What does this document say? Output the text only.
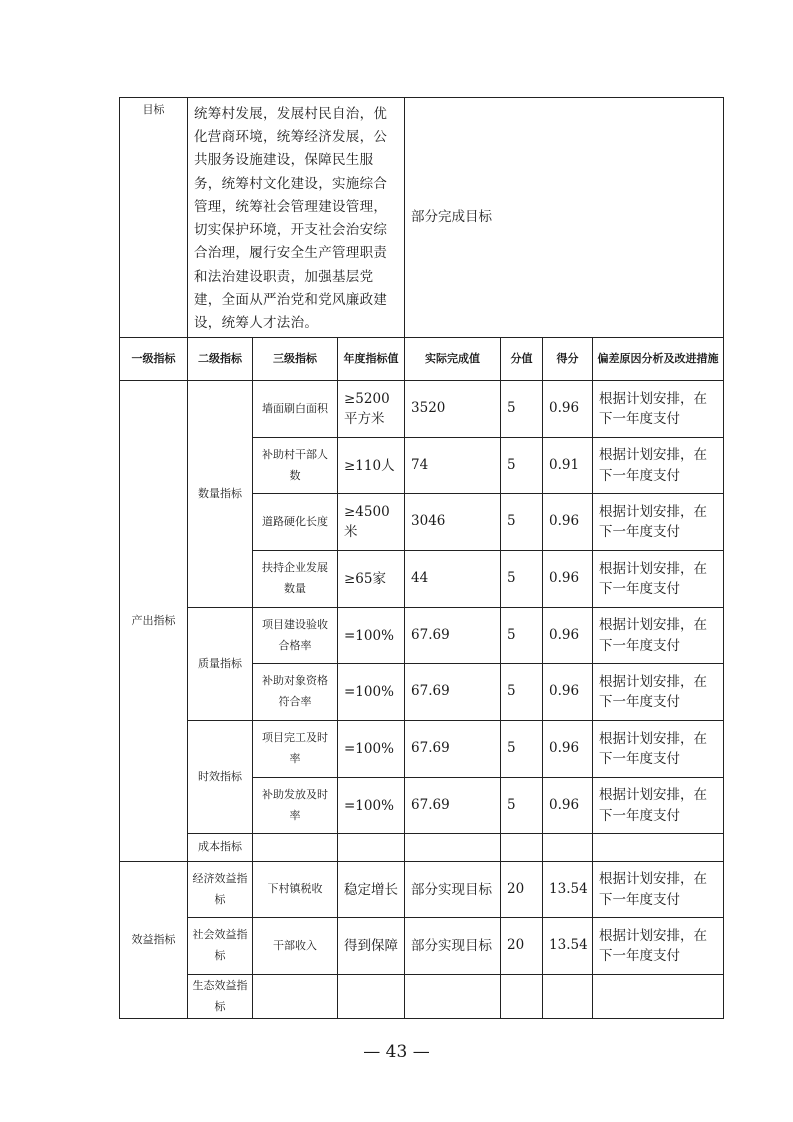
目标	统筹村发展，发展村民自治，优化营商环境，统筹经济发展，公共服务设施建设，保障民生服务，统筹村文化建设，实施综合管理，统筹社会管理建设管理，切实保护环境，开支社会治安综合治理，履行安全生产管理职责和法治建设职责，加强基层党建，全面从严治党和党风廉政建设，统筹人才法治。			部分完成目标			
一级指标	二级指标	三级指标	年度指标值	实际完成值	分值	得分	偏差原因分析及改进措施
产出指标	数量指标	墙面刷白面积	≥5200平方米	3520	5	0.96	根据计划安排，在下一年度支付
		补助村干部人数	≥110人	74	5	0.91	根据计划安排，在下一年度支付
		道路硬化长度	≥4500米	3046	5	0.96	根据计划安排，在下一年度支付
		扶持企业发展数量	≥65家	44	5	0.96	根据计划安排，在下一年度支付
	质量指标	项目建设验收合格率	=100%	67.69	5	0.96	根据计划安排，在下一年度支付
		补助对象资格符合率	=100%	67.69	5	0.96	根据计划安排，在下一年度支付
	时效指标	项目完工及时率	=100%	67.69	5	0.96	根据计划安排，在下一年度支付
		补助发放及时率	=100%	67.69	5	0.96	根据计划安排，在下一年度支付
	成本指标						
效益指标	经济效益指标	下村镇税收	稳定增长	部分实现目标	20	13.54	根据计划安排，在下一年度支付
	社会效益指标	干部收入	得到保障	部分实现目标	20	13.54	根据计划安排，在下一年度支付
	生态效益指标						
— 43 —
